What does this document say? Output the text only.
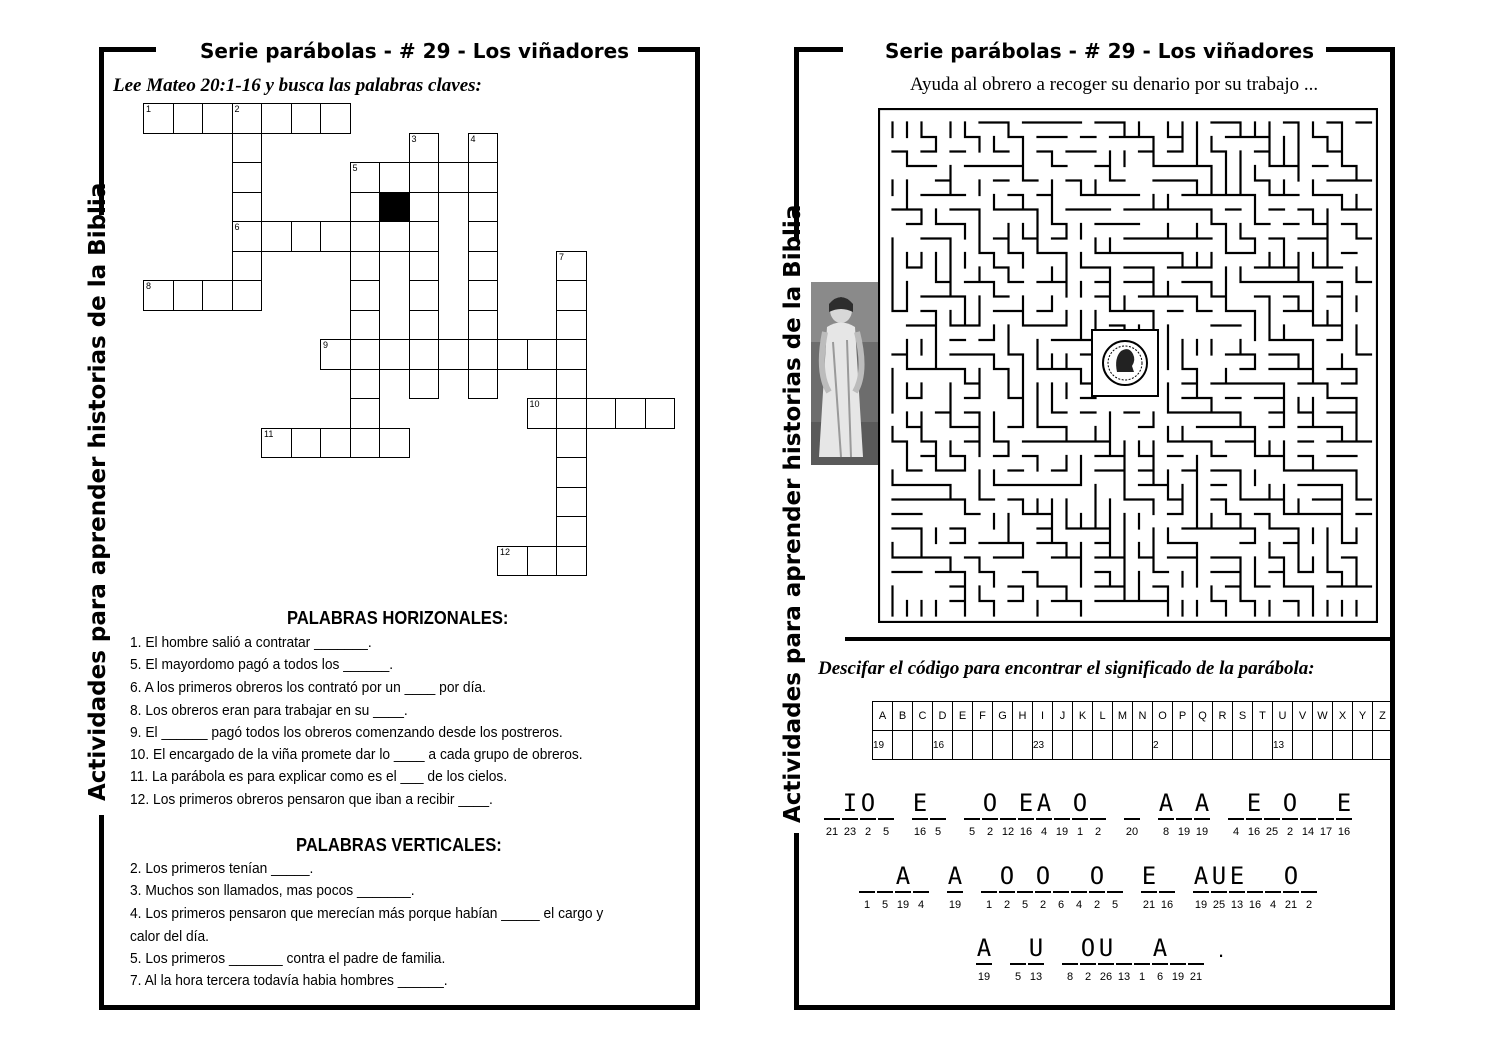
Serie parábolas - # 29 - Los viñadores
Actividades para aprender historias de la Biblia
Lee Mateo 20:1-16 y busca las palabras claves:
1	2
3	4
5
6
7
8
9
10
11
12
PALABRAS HORIZONALES:
1. El hombre salió a contratar _______.
5. El mayordomo pagó a todos los ______.
6. A los primeros obreros los contrató por un ____ por día.
8. Los obreros eran para trabajar en su ____.
9. El ______ pagó todos los obreros comenzando desde los postreros.
10. El encargado de la viña promete dar lo ____ a cada grupo de obreros.
11. La parábola es para explicar como es el ___ de los cielos.
12. Los primeros obreros pensaron que iban a recibir ____.
PALABRAS VERTICALES:
2. Los primeros tenían _____.
3. Muchos son llamados, mas pocos _______.
4. Los primeros pensaron que merecían más porque habían _____ el cargo y
calor del día.
5. Los primeros _______ contra el padre de familia.
7. Al la hora tercera todavía habia hombres ______.
Serie parábolas - # 29 - Los viñadores
Actividades para aprender historias de la Biblia
Ayuda al obrero a recoger su denario por su trabajo ...
Descifar el código para encontrar el significado de la parábola:
A	B	C	D	E	F	G	H	I	J	K	L	M	N	O	P	Q	R	S	T	U	V	W	X	Y	Z
19			16					23						2						13					
21
I
23
O
2	5
E
16 5	5
O
2 12
E
16
A
4 19
O
1	2	20
A
8 19
A
19	4
E
16 25
O
2 14 17
E
16
1	5
A
19 4
A
19	1
O
2	5
O
2	6	4
O
2	5
E
21 16
A
19
U
25
E
13 16 4
O
21 2
A
19	5
U
13	8
O
2
U
26 13 1
A
6 19 21
.
